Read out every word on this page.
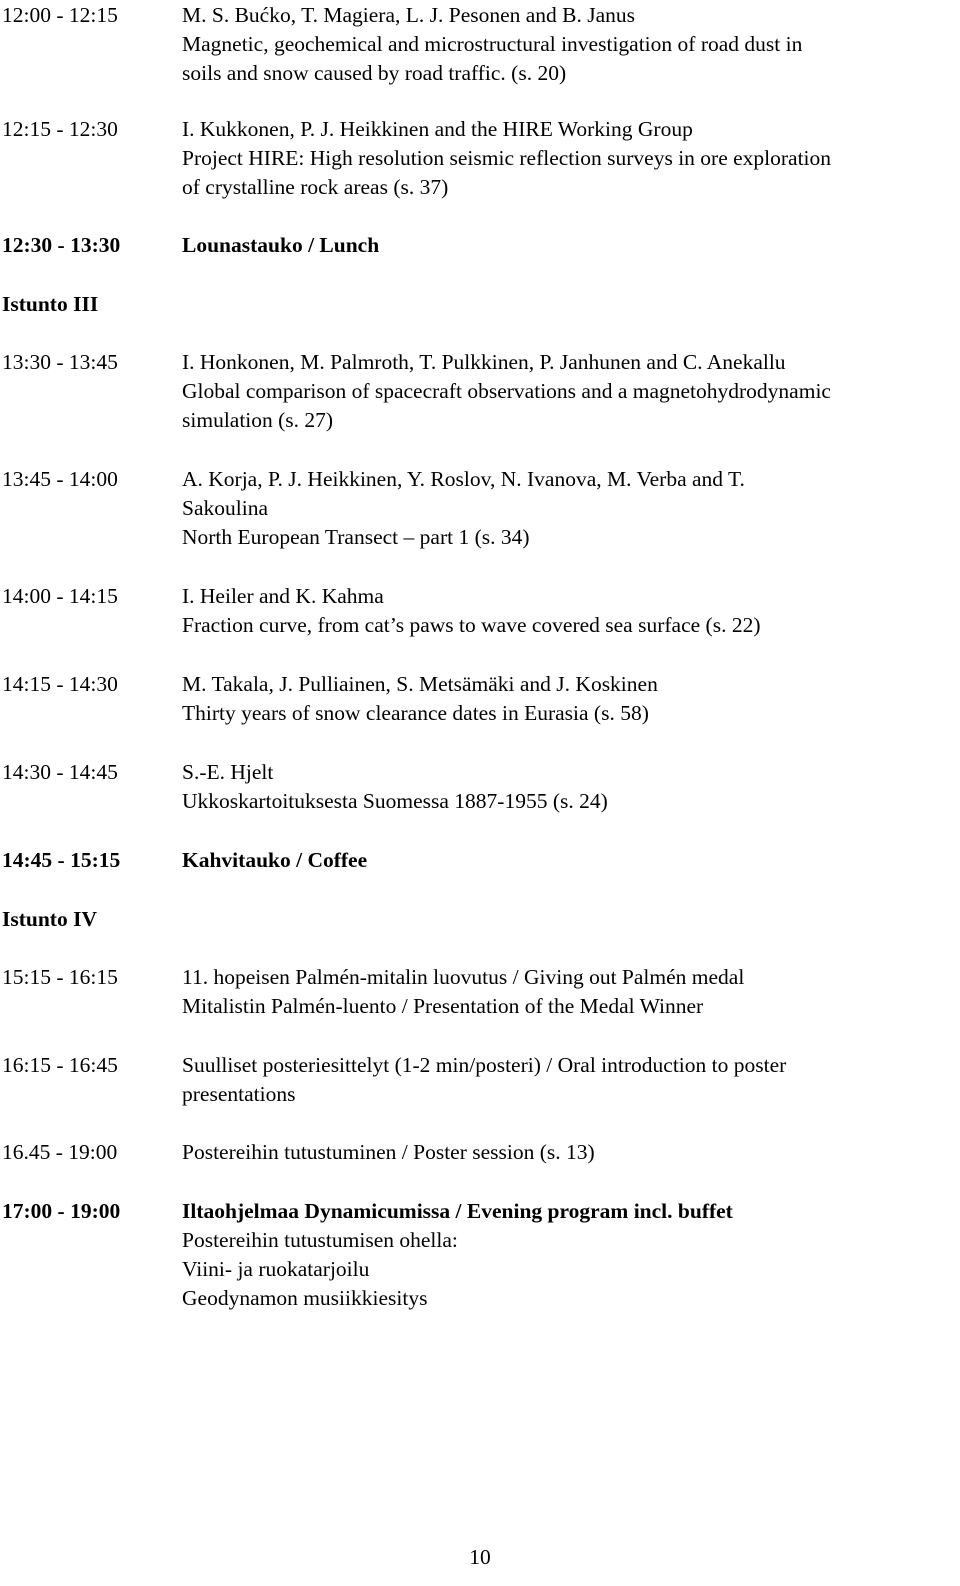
12:00 - 12:15	M. S. Bućko, T. Magiera, L. J. Pesonen and B. Janus
Magnetic, geochemical and microstructural investigation of road dust in
soils and snow caused by road traffic. (s. 20)
12:15 - 12:30	I. Kukkonen, P. J. Heikkinen and the HIRE Working Group
Project HIRE: High resolution seismic reflection surveys in ore exploration
of crystalline rock areas (s. 37)
12:30 - 13:30	Lounastauko / Lunch
Istunto III
13:30 - 13:45	I. Honkonen, M. Palmroth, T. Pulkkinen, P. Janhunen and C. Anekallu
Global comparison of spacecraft observations and a magnetohydrodynamic
simulation (s. 27)
13:45 - 14:00	A. Korja, P. J. Heikkinen, Y. Roslov, N. Ivanova, M. Verba and T.
Sakoulina
North European Transect – part 1 (s. 34)
14:00 - 14:15	I. Heiler and K. Kahma
Fraction curve, from cat’s paws to wave covered sea surface (s. 22)
14:15 - 14:30	M. Takala, J. Pulliainen, S. Metsämäki and J. Koskinen
Thirty years of snow clearance dates in Eurasia (s. 58)
14:30 - 14:45	S.-E. Hjelt
Ukkoskartoituksesta Suomessa 1887-1955 (s. 24)
14:45 - 15:15	Kahvitauko / Coffee
Istunto IV
15:15 - 16:15	11. hopeisen Palmén-mitalin luovutus / Giving out Palmén medal
Mitalistin Palmén-luento / Presentation of the Medal Winner
16:15 - 16:45	Suulliset posteriesittelyt (1-2 min/posteri) / Oral introduction to poster
presentations
16.45 - 19:00	Postereihin tutustuminen / Poster session (s. 13)
17:00 - 19:00	Iltaohjelmaa Dynamicumissa / Evening program incl. buffet
Postereihin tutustumisen ohella:
Viini- ja ruokatarjoilu
Geodynamon musiikkiesitys
10
